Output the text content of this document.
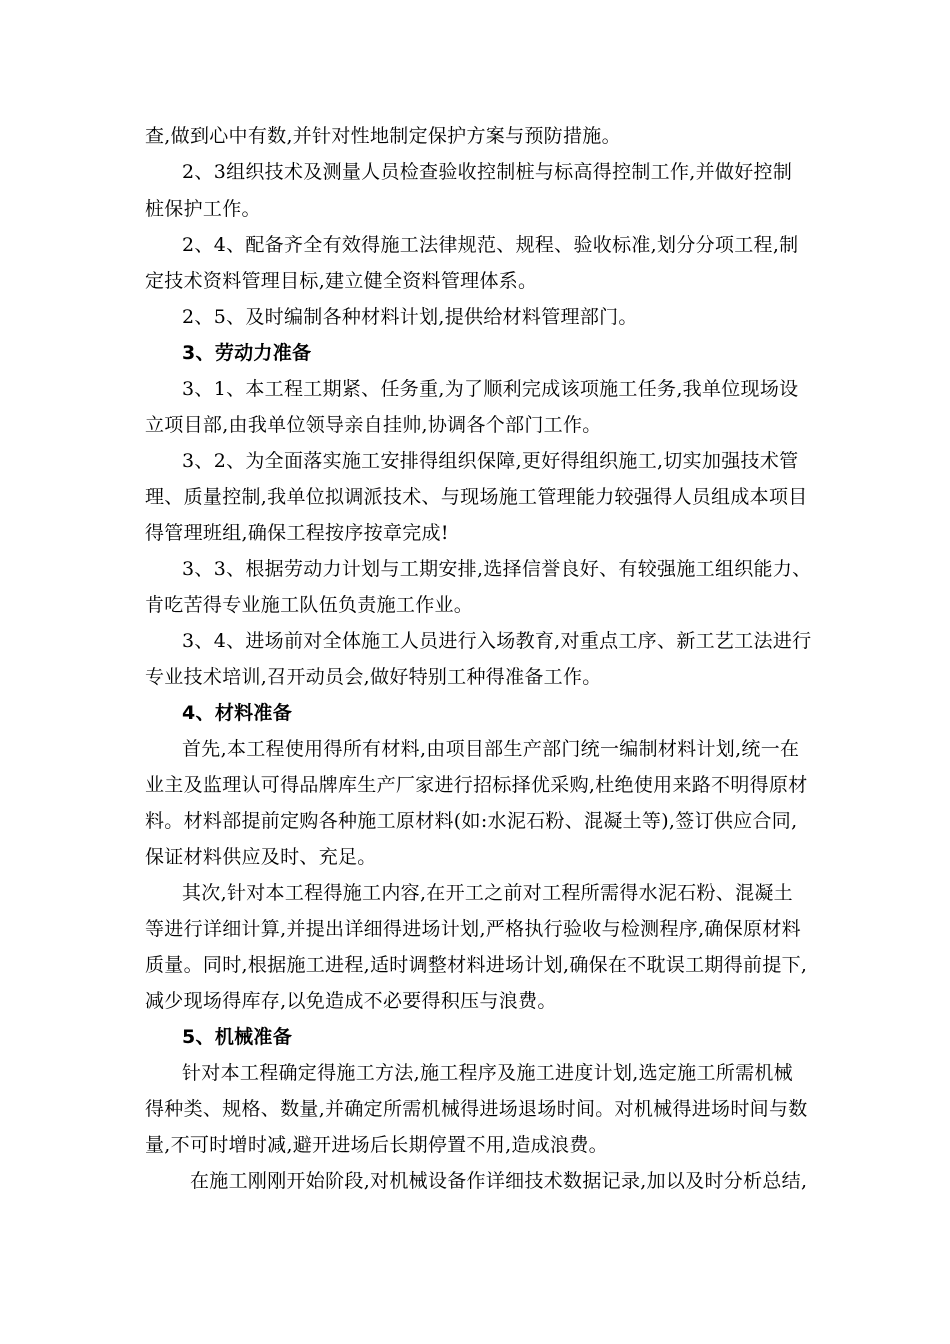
查,做到心中有数,并针对性地制定保护方案与预防措施。
2、3组织技术及测量人员检查验收控制桩与标高得控制工作,并做好控制
桩保护工作。
2、4、配备齐全有效得施工法律规范、规程、验收标准,划分分项工程,制
定技术资料管理目标,建立健全资料管理体系。
2、5、及时编制各种材料计划,提供给材料管理部门。
3、劳动力准备
3、1、本工程工期紧、任务重,为了顺利完成该项施工任务,我单位现场设
立项目部,由我单位领导亲自挂帅,协调各个部门工作。
3、2、为全面落实施工安排得组织保障,更好得组织施工,切实加强技术管
理、质量控制,我单位拟调派技术、与现场施工管理能力较强得人员组成本项目
得管理班组,确保工程按序按章完成!
3、3、根据劳动力计划与工期安排,选择信誉良好、有较强施工组织能力、
肯吃苦得专业施工队伍负责施工作业。
3、4、进场前对全体施工人员进行入场教育,对重点工序、新工艺工法进行
专业技术培训,召开动员会,做好特别工种得准备工作。
4、材料准备
首先,本工程使用得所有材料,由项目部生产部门统一编制材料计划,统一在
业主及监理认可得品牌库生产厂家进行招标择优采购,杜绝使用来路不明得原材
料。材料部提前定购各种施工原材料(如:水泥石粉、混凝土等),签订供应合同,
保证材料供应及时、充足。
其次,针对本工程得施工内容,在开工之前对工程所需得水泥石粉、混凝土
等进行详细计算,并提出详细得进场计划,严格执行验收与检测程序,确保原材料
质量。同时,根据施工进程,适时调整材料进场计划,确保在不耽误工期得前提下,
减少现场得库存,以免造成不必要得积压与浪费。
5、机械准备
针对本工程确定得施工方法,施工程序及施工进度计划,选定施工所需机械
得种类、规格、数量,并确定所需机械得进场退场时间。对机械得进场时间与数
量,不可时增时减,避开进场后长期停置不用,造成浪费。
在施工刚刚开始阶段,对机械设备作详细技术数据记录,加以及时分析总结,
